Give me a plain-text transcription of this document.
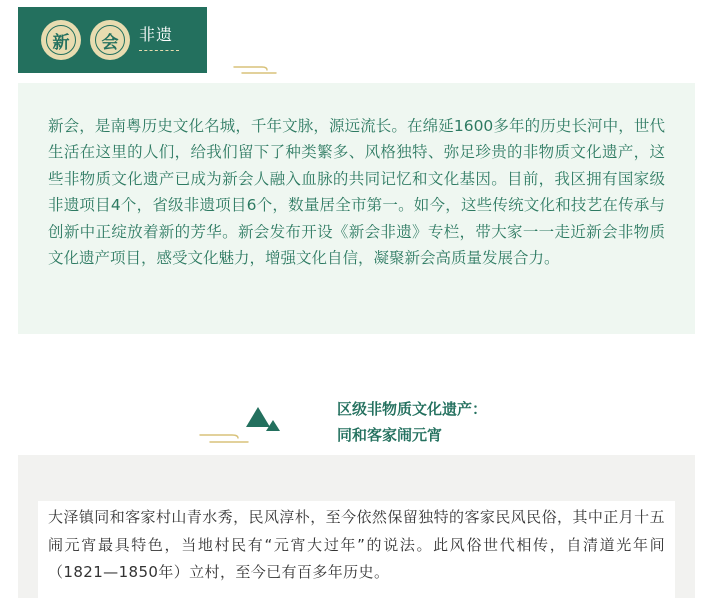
新	会	非遗

新会，是南粤历史文化名城，千年文脉，源远流长。在绵延1600多年的历史长河中，世代生活在这里的人们，给我们留下了种类繁多、风格独特、弥足珍贵的非物质文化遗产，这些非物质文化遗产已成为新会人融入血脉的共同记忆和文化基因。目前，我区拥有国家级非遗项目4个，省级非遗项目6个，数量居全市第一。如今，这些传统文化和技艺在传承与创新中正绽放着新的芳华。新会发布开设《新会非遗》专栏，带大家一一走近新会非物质文化遗产项目，感受文化魅力，增强文化自信，凝聚新会高质量发展合力。

区级非物质文化遗产：
同和客家闹元宵

大泽镇同和客家村山青水秀，民风淳朴，至今依然保留独特的客家民风民俗，其中正月十五闹元宵最具特色，当地村民有“元宵大过年”的说法。此风俗世代相传，自清道光年间（1821—1850年）立村，至今已有百多年历史。
